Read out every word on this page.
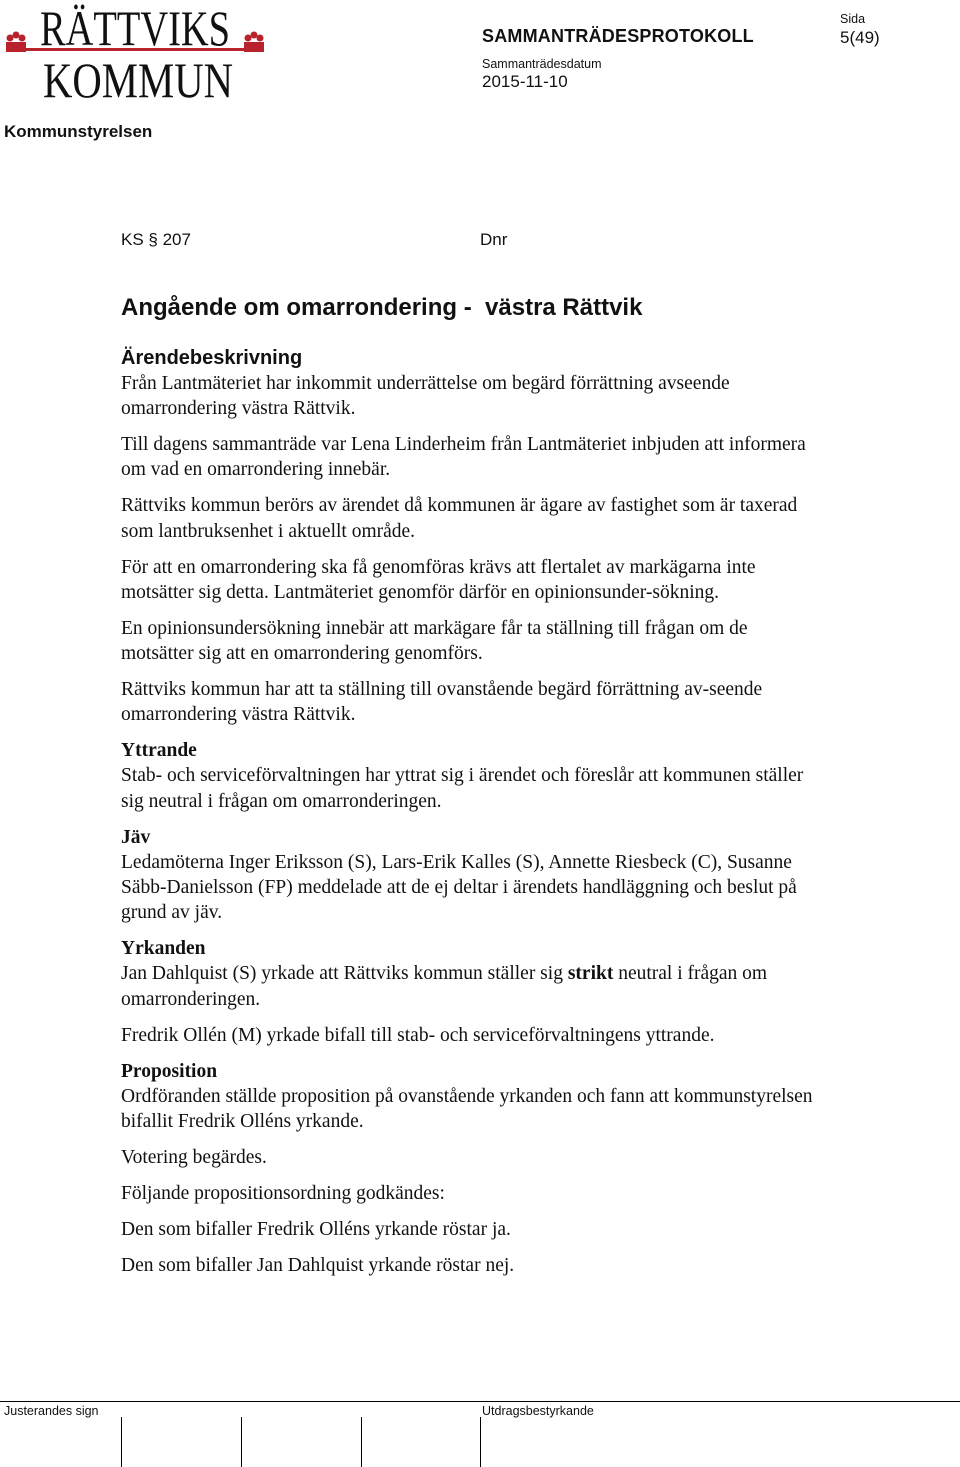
RÄTTVIKS
KOMMUN
SAMMANTRÄDESPROTOKOLL
Sida
5(49)
Sammanträdesdatum
2015-11-10
Kommunstyrelsen
KS § 207	Dnr
Angående om omarrondering -  västra Rättvik
Ärendebeskrivning

Från Lantmäteriet har inkommit underrättelse om begärd förrättning avseende omarrondering västra Rättvik.

Till dagens sammanträde var Lena Linderheim från Lantmäteriet inbjuden att informera om vad en omarrondering innebär.

Rättviks kommun berörs av ärendet då kommunen är ägare av fastighet som är taxerad som lantbruksenhet i aktuellt område.

För att en omarrondering ska få genomföras krävs att flertalet av markägarna inte motsätter sig detta. Lantmäteriet genomför därför en opinionsunder-sökning.

En opinionsundersökning innebär att markägare får ta ställning till frågan om de motsätter sig att en omarrondering genomförs.

Rättviks kommun har att ta ställning till ovanstående begärd förrättning av-seende omarrondering västra Rättvik.

Yttrande

Stab- och serviceförvaltningen har yttrat sig i ärendet och föreslår att kommunen ställer sig neutral i frågan om omarronderingen.

Jäv

Ledamöterna Inger Eriksson (S), Lars-Erik Kalles (S), Annette Riesbeck (C), Susanne Säbb-Danielsson (FP) meddelade att de ej deltar i ärendets handläggning och beslut på grund av jäv.

Yrkanden

Jan Dahlquist (S) yrkade att Rättviks kommun ställer sig strikt neutral i frågan om omarronderingen.

Fredrik Ollén (M) yrkade bifall till stab- och serviceförvaltningens yttrande.

Proposition

Ordföranden ställde proposition på ovanstående yrkanden och fann att kommunstyrelsen bifallit Fredrik Olléns yrkande.

Votering begärdes.

Följande propositionsordning godkändes:

Den som bifaller Fredrik Olléns yrkande röstar ja.

Den som bifaller Jan Dahlquist yrkande röstar nej.

Justerandes sign	Utdragsbestyrkande
